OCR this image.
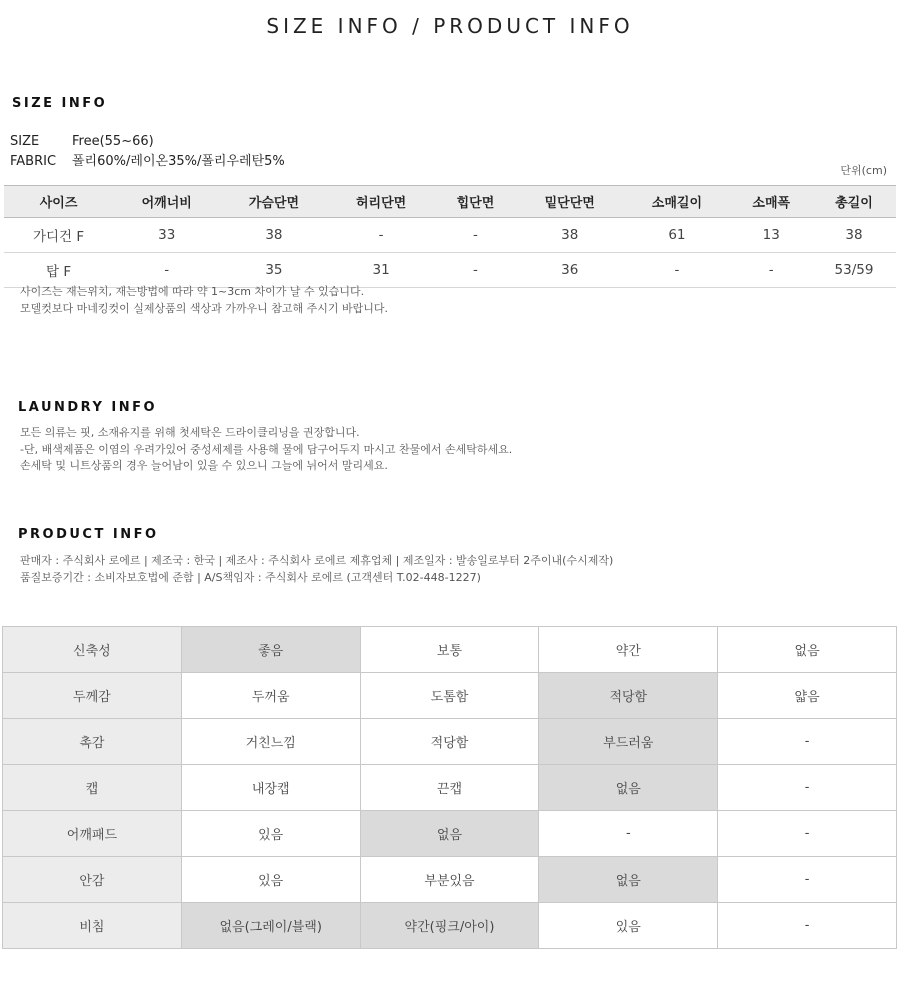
SIZE INFO / PRODUCT INFO
SIZE INFO
SIZE	Free(55~66)
FABRIC 폴리60%/레이온35%/폴리우레탄5%
단위(cm)
사이즈	어깨너비	가슴단면	허리단면	힙단면	밑단단면	소매길이	소매폭	총길이
가디건 F	33	38	-	-	38	61	13	38
탑 F	-	35	31	-	36	-	-	53/59
사이즈는 재는위치, 재는방법에 따라 약 1~3cm 차이가 날 수 있습니다.
모델컷보다 마네킹컷이 실제상품의 색상과 가까우니 참고해 주시기 바랍니다.
LAUNDRY INFO
모든 의류는 핏, 소재유지를 위해 첫세탁은 드라이클리닝을 권장합니다.
-단, 배색제품은 이염의 우려가있어 중성세제를 사용해 물에 담구어두지 마시고 찬물에서 손세탁하세요.
손세탁 및 니트상품의 경우 늘어남이 있을 수 있으니 그늘에 뉘어서 말리세요.
PRODUCT INFO
판매자 : 주식회사 로에르 | 제조국 : 한국 | 제조사 : 주식회사 로에르 제휴업체 | 제조일자 : 발송일로부터 2주이내(수시제작)
품질보증기간 : 소비자보호법에 준함 | A/S책임자 : 주식회사 로에르 (고객센터 T.02-448-1227)
신축성	좋음	보통	약간	없음
두께감	두꺼움	도톰함	적당함	얇음
촉감	거친느낌	적당함	부드러움	-
캡	내장캡	끈캡	없음	-
어깨패드	있음	없음	-	-
안감	있음	부분있음	없음	-
비침	없음(그레이/블랙)	약간(핑크/아이)	있음	-
